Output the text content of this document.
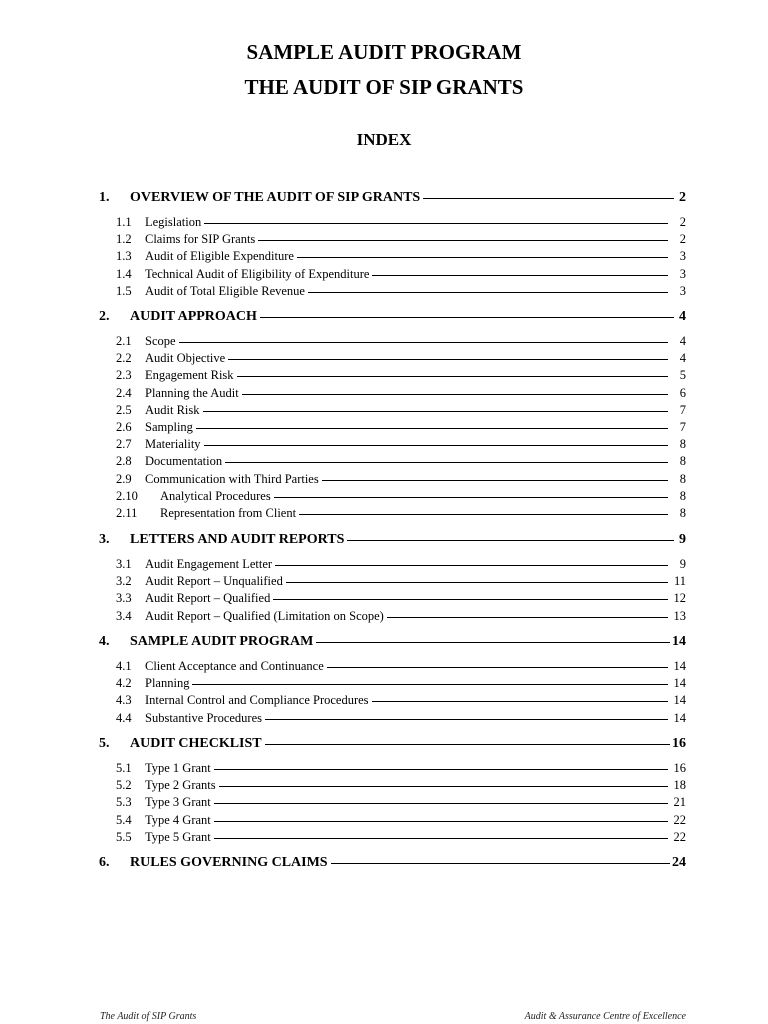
SAMPLE AUDIT PROGRAM
THE AUDIT OF SIP GRANTS
INDEX
1.	OVERVIEW OF THE AUDIT OF SIP GRANTS	2
1.1	Legislation	2
1.2	Claims for SIP Grants	2
1.3	Audit of Eligible Expenditure	3
1.4	Technical Audit of Eligibility of Expenditure	3
1.5	Audit of Total Eligible Revenue	3
2.	AUDIT APPROACH	4
2.1	Scope	4
2.2	Audit Objective	4
2.3	Engagement Risk	5
2.4	Planning the Audit	6
2.5	Audit Risk	7
2.6	Sampling	7
2.7	Materiality	8
2.8	Documentation	8
2.9	Communication with Third Parties	8
2.10	Analytical Procedures	8
2.11	Representation from Client	8
3.	LETTERS AND AUDIT REPORTS	9
3.1	Audit Engagement Letter	9
3.2	Audit Report – Unqualified	11
3.3	Audit Report – Qualified	12
3.4	Audit Report – Qualified (Limitation on Scope)	13
4.	SAMPLE AUDIT PROGRAM	14
4.1	Client Acceptance and Continuance	14
4.2	Planning	14
4.3	Internal Control and Compliance Procedures	14
4.4	Substantive Procedures	14
5.	AUDIT CHECKLIST	16
5.1	Type 1 Grant	16
5.2	Type 2 Grants	18
5.3	Type 3 Grant	21
5.4	Type 4 Grant	22
5.5	Type 5 Grant	22
6.	RULES GOVERNING CLAIMS	24
The Audit of SIP Grants	Audit & Assurance Centre of Excellence
